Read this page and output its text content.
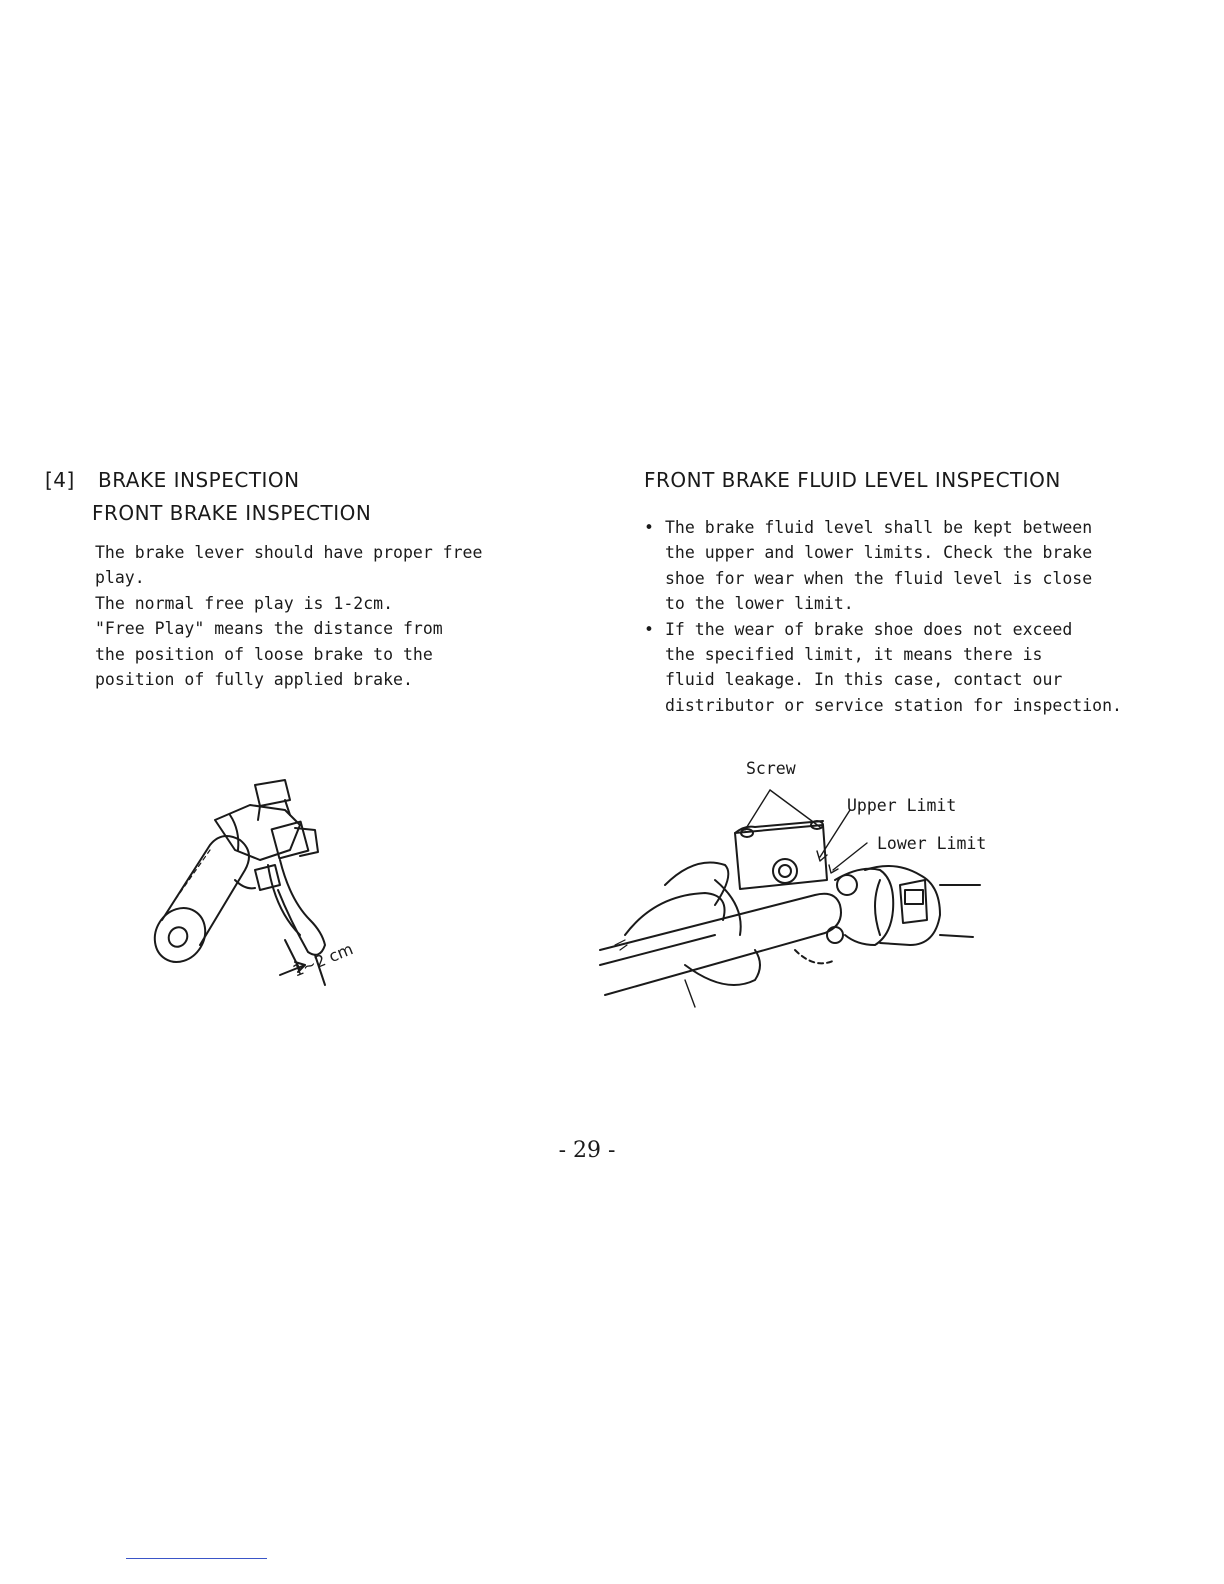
[4] BRAKE INSPECTION
FRONT BRAKE INSPECTION
The brake lever should have proper free
play.
The normal free play is 1-2cm.
"Free Play" means the distance from
the position of loose brake to the
position of fully applied brake.
1~2 cm
FRONT BRAKE FLUID LEVEL INSPECTION
• The brake fluid level shall be kept between
the upper and lower limits. Check the brake
shoe for wear when the fluid level is close
to the lower limit.
• If the wear of brake shoe does not exceed
the specified limit, it means there is
fluid leakage. In this case, contact our
distributor or service station for inspection.
Screw
Upper Limit
Lower Limit
- 29 -
